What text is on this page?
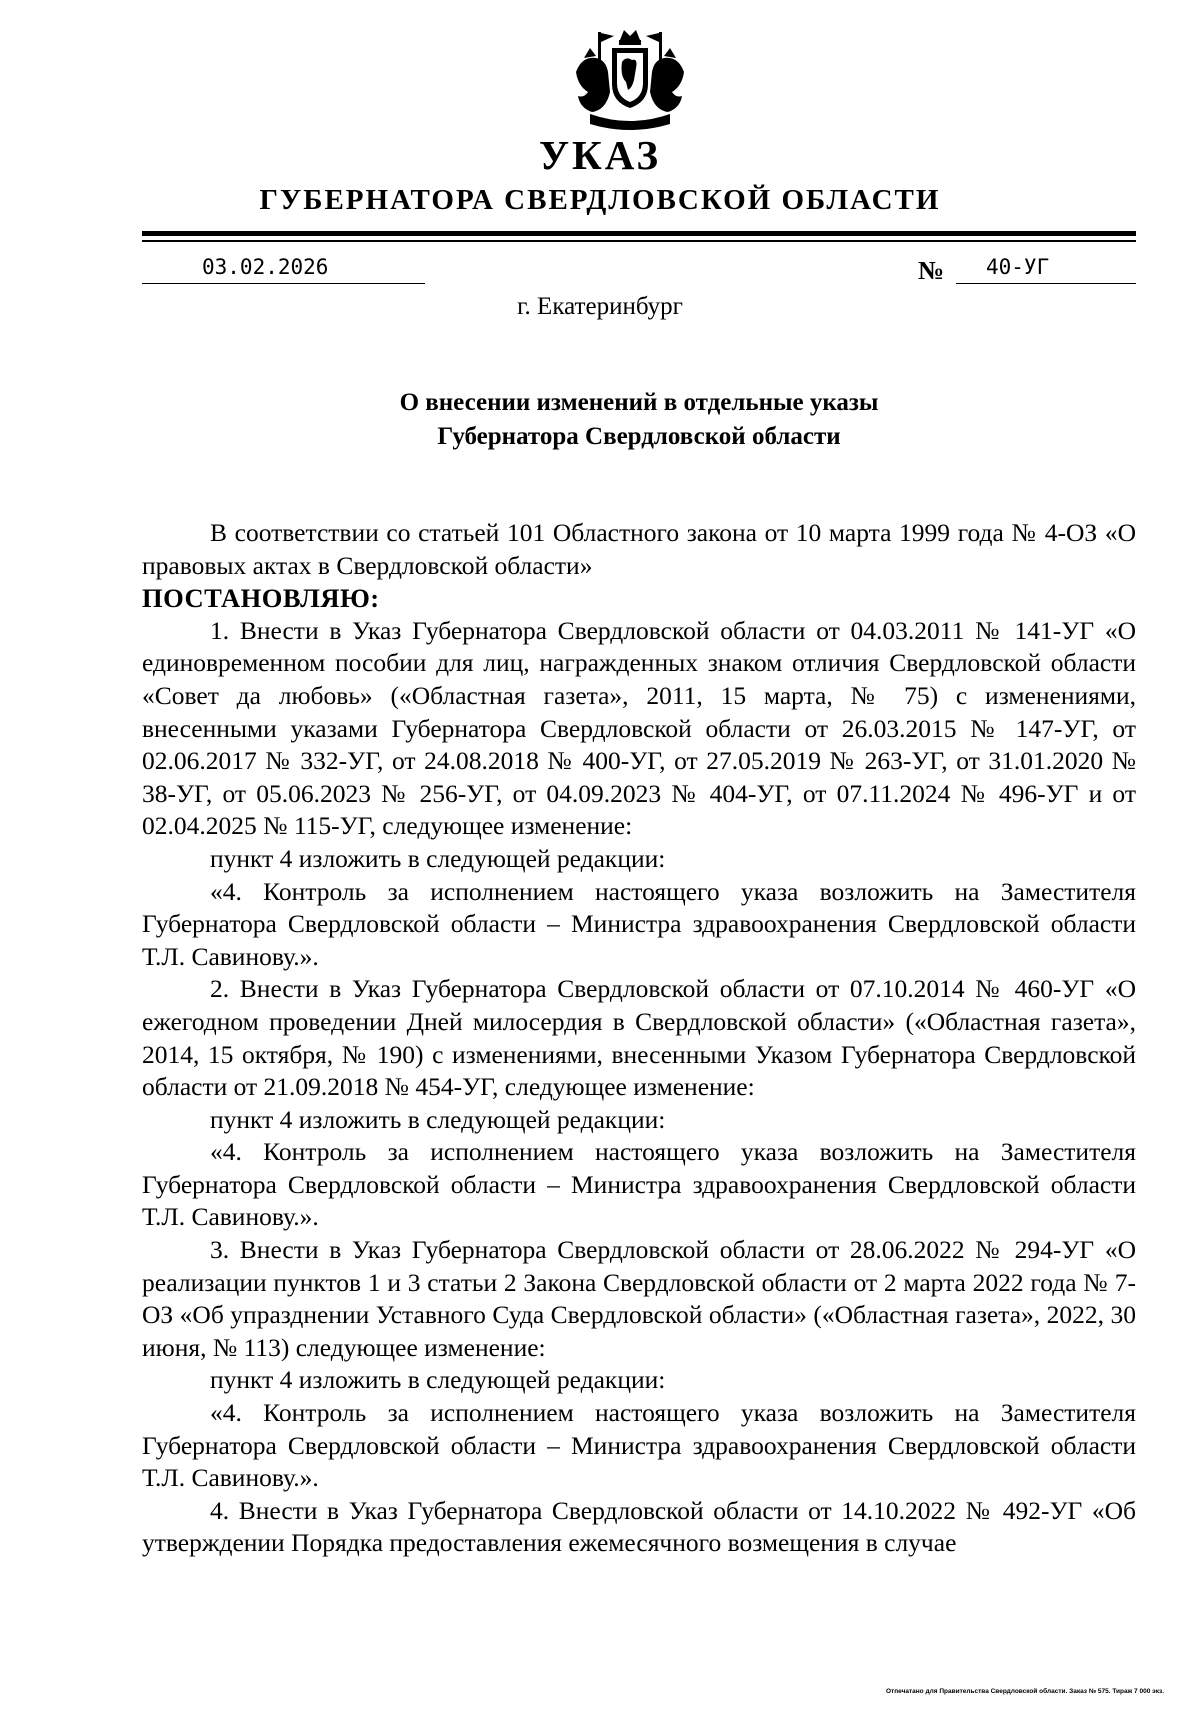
УКАЗ
ГУБЕРНАТОРА СВЕРДЛОВСКОЙ ОБЛАСТИ
03.02.2026	№	40-УГ
г. Екатеринбург
О внесении изменений в отдельные указы
Губернатора Свердловской области

В соответствии со статьей 101 Областного закона от 10 марта 1999 года № 4-ОЗ «О правовых актах в Свердловской области»

ПОСТАНОВЛЯЮ:

1. Внести в Указ Губернатора Свердловской области от 04.03.2011 № 141-УГ «О единовременном пособии для лиц, награжденных знаком отличия Свердловской области «Совет да любовь» («Областная газета», 2011, 15 марта, № 75) с изменениями, внесенными указами Губернатора Свердловской области от 26.03.2015 № 147-УГ, от 02.06.2017 № 332-УГ, от 24.08.2018 № 400-УГ, от 27.05.2019 № 263-УГ, от 31.01.2020 № 38-УГ, от 05.06.2023 № 256-УГ, от 04.09.2023 № 404-УГ, от 07.11.2024 № 496-УГ и от 02.04.2025 № 115-УГ, следующее изменение:

пункт 4 изложить в следующей редакции:

«4. Контроль за исполнением настоящего указа возложить на Заместителя Губернатора Свердловской области – Министра здравоохранения Свердловской области Т.Л. Савинову.».

2. Внести в Указ Губернатора Свердловской области от 07.10.2014 № 460-УГ «О ежегодном проведении Дней милосердия в Свердловской области» («Областная газета», 2014, 15 октября, № 190) с изменениями, внесенными Указом Губернатора Свердловской области от 21.09.2018 № 454-УГ, следующее изменение:

пункт 4 изложить в следующей редакции:

«4. Контроль за исполнением настоящего указа возложить на Заместителя Губернатора Свердловской области – Министра здравоохранения Свердловской области Т.Л. Савинову.».

3. Внести в Указ Губернатора Свердловской области от 28.06.2022 № 294-УГ «О реализации пунктов 1 и 3 статьи 2 Закона Свердловской области от 2 марта 2022 года № 7-ОЗ «Об упразднении Уставного Суда Свердловской области» («Областная газета», 2022, 30 июня, № 113) следующее изменение:

пункт 4 изложить в следующей редакции:

«4. Контроль за исполнением настоящего указа возложить на Заместителя Губернатора Свердловской области – Министра здравоохранения Свердловской области Т.Л. Савинову.».

4. Внести в Указ Губернатора Свердловской области от 14.10.2022 № 492-УГ «Об утверждении Порядка предоставления ежемесячного возмещения в случае

Отпечатано для Правительства Свердловской области. Заказ № 575. Тираж 7 000 экз.
